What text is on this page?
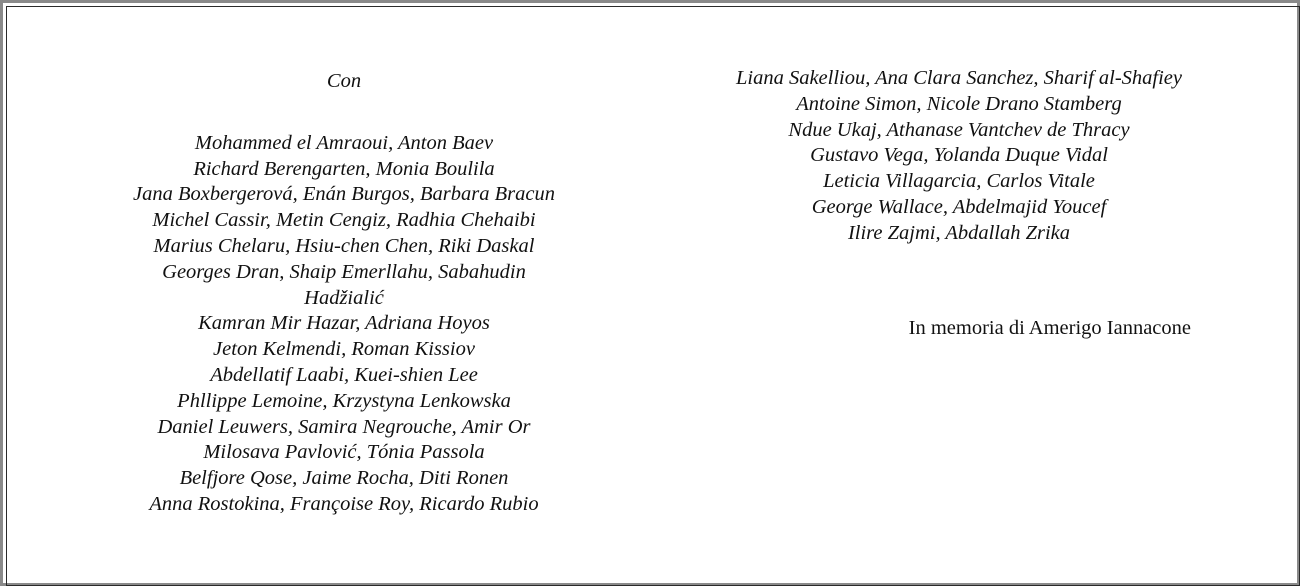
Con
Mohammed el Amraoui, Anton Baev
Richard Berengarten, Monia Boulila
Jana Boxbergerová, Enán Burgos, Barbara Bracun
Michel Cassir, Metin Cengiz, Radhia Chehaibi
Marius Chelaru, Hsiu-chen Chen, Riki Daskal
Georges Dran, Shaip Emerllahu, Sabahudin
Hadžialić
Kamran Mir Hazar, Adriana Hoyos
Jeton Kelmendi, Roman Kissiov
Abdellatif Laabi, Kuei-shien Lee
Phllippe Lemoine, Krzystyna Lenkowska
Daniel Leuwers, Samira Negrouche, Amir Or
Milosava Pavlović, Tónia Passola
Belfjore Qose, Jaime Rocha, Diti Ronen
Anna Rostokina, Françoise Roy, Ricardo Rubio
Liana Sakelliou, Ana Clara Sanchez, Sharif al-Shafiey
Antoine Simon, Nicole Drano Stamberg
Ndue Ukaj, Athanase Vantchev de Thracy
Gustavo Vega, Yolanda Duque Vidal
Leticia Villagarcia, Carlos Vitale
George Wallace, Abdelmajid Youcef
Ilire Zajmi, Abdallah Zrika
In memoria di Amerigo Iannacone
